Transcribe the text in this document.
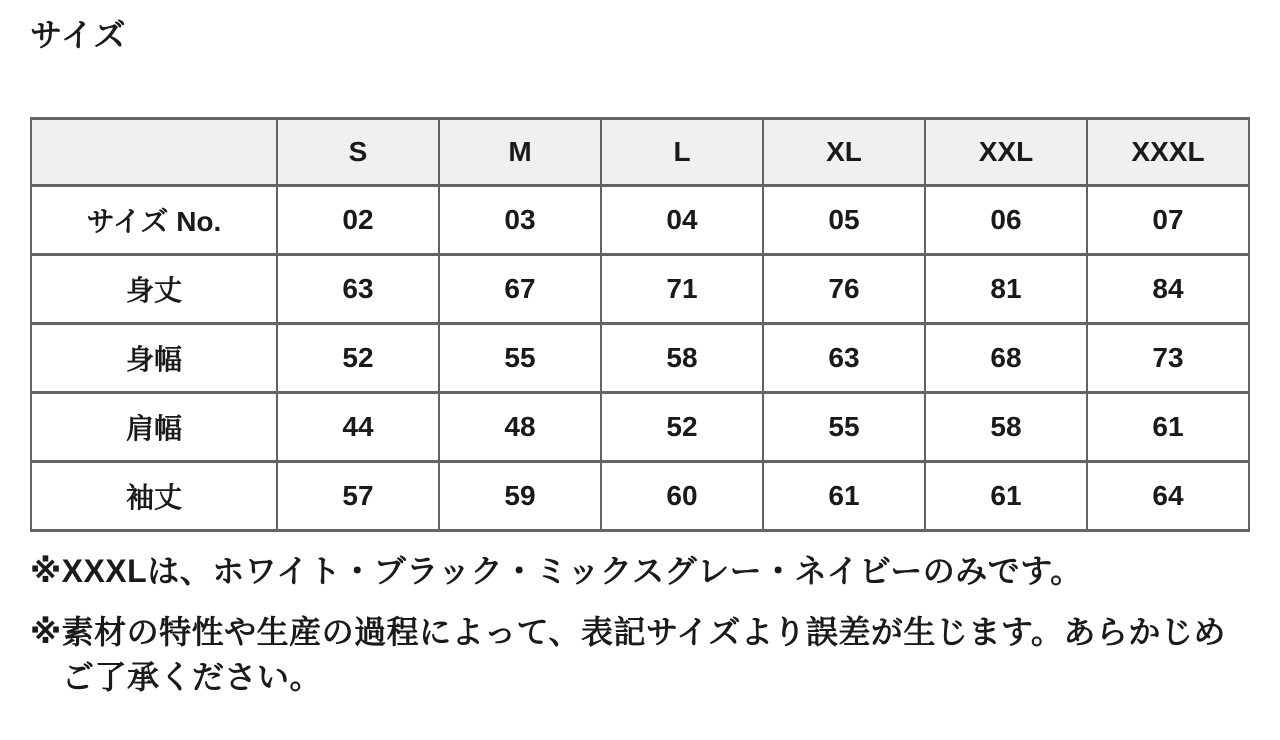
サイズ
	S	M	L	XL	XXL	XXXL
サイズ No.	02	03	04	05	06	07
身丈	63	67	71	76	81	84
身幅	52	55	58	63	68	73
肩幅	44	48	52	55	58	61
袖丈	57	59	60	61	61	64

※XXXLは、ホワイト・ブラック・ミックスグレー・ネイビーのみです。

※素材の特性や生産の過程によって、表記サイズより誤差が生じます。あらかじめご了承ください。
